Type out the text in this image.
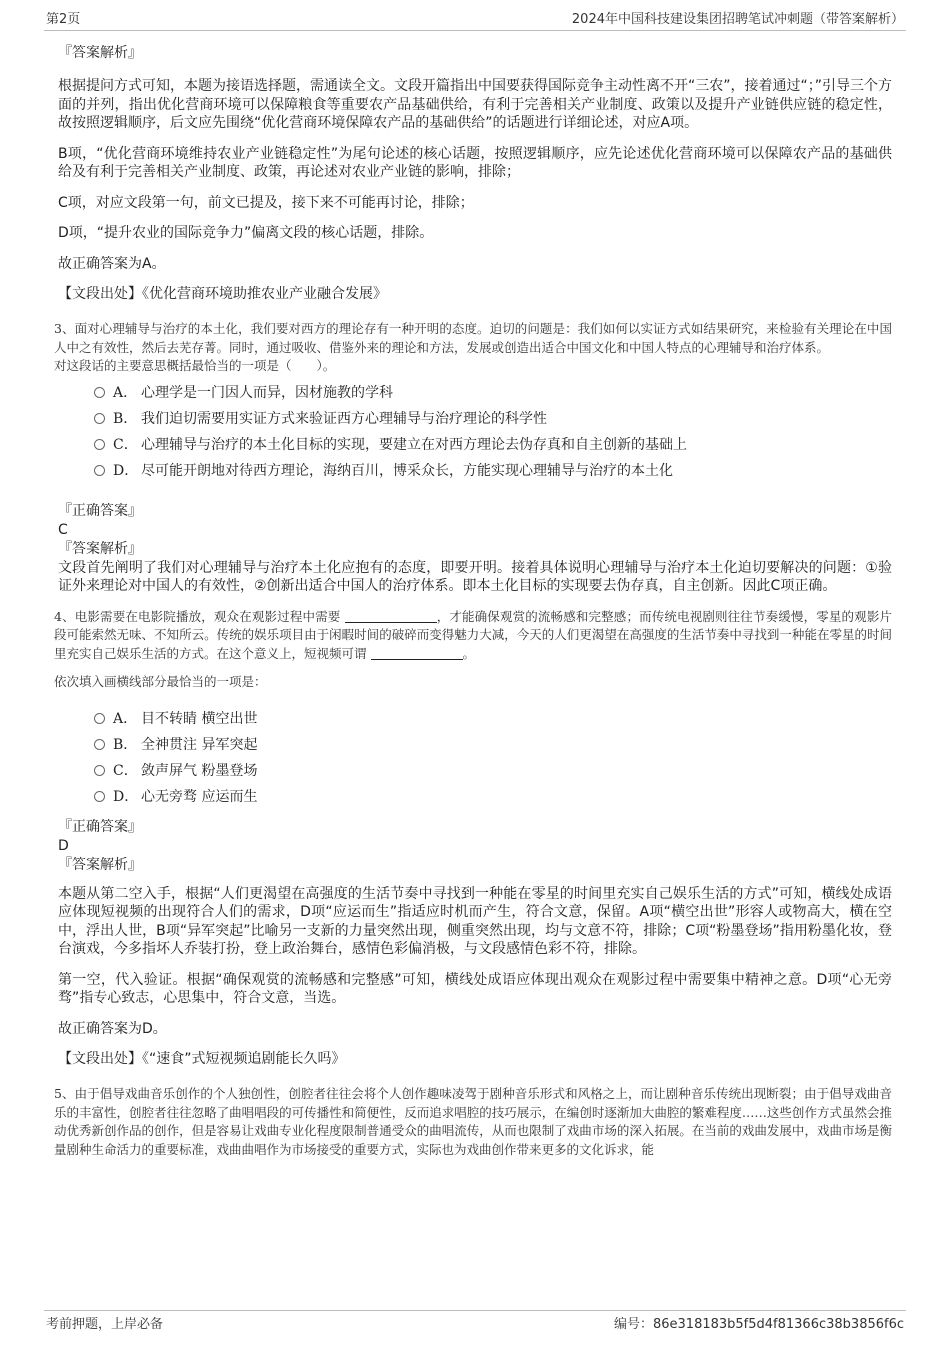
第2页	2024年中国科技建设集团招聘笔试冲刺题（带答案解析）

『答案解析』

根据提问方式可知，本题为接语选择题，需通读全文。文段开篇指出中国要获得国际竞争主动性离不开“三农”，接着通过“；”引导三个方面的并列，指出优化营商环境可以保障粮食等重要农产品基础供给，有利于完善相关产业制度、政策以及提升产业链供应链的稳定性，故按照逻辑顺序，后文应先围绕“优化营商环境保障农产品的基础供给”的话题进行详细论述，对应A项。

B项，“优化营商环境维持农业产业链稳定性”为尾句论述的核心话题，按照逻辑顺序，应先论述优化营商环境可以保障农产品的基础供给及有利于完善相关产业制度、政策，再论述对农业产业链的影响，排除；

C项，对应文段第一句，前文已提及，接下来不可能再讨论，排除；

D项，“提升农业的国际竞争力”偏离文段的核心话题，排除。

故正确答案为A。

【文段出处】《优化营商环境助推农业产业融合发展》

3、面对心理辅导与治疗的本土化，我们要对西方的理论存有一种开明的态度。迫切的问题是：我们如何以实证方式如结果研究，来检验有关理论在中国人中之有效性，然后去芜存菁。同时，通过吸收、借鉴外来的理论和方法，发展或创造出适合中国文化和中国人特点的心理辅导和治疗体系。

对这段话的主要意思概括最恰当的一项是（　　）。

A． 心理学是一门因人而异，因材施教的学科
B． 我们迫切需要用实证方式来验证西方心理辅导与治疗理论的科学性
C． 心理辅导与治疗的本土化目标的实现，要建立在对西方理论去伪存真和自主创新的基础上
D． 尽可能开朗地对待西方理论，海纳百川，博采众长，方能实现心理辅导与治疗的本土化

『正确答案』

C

『答案解析』

文段首先阐明了我们对心理辅导与治疗本土化应抱有的态度，即要开明。接着具体说明心理辅导与治疗本土化迫切要解决的问题：①验证外来理论对中国人的有效性，②创新出适合中国人的治疗体系。即本土化目标的实现要去伪存真，自主创新。因此C项正确。

4、电影需要在电影院播放，观众在观影过程中需要	，才能确保观赏的流畅感和完整感；而传统电视剧则往往节奏缓慢，零星的观影片段可能索然无味、不知所云。传统的娱乐项目由于闲暇时间的破碎而变得魅力大减，今天的人们更渴望在高强度的生活节奏中寻找到一种能在零星的时间里充实自己娱乐生活的方式。在这个意义上，短视频可谓	。

依次填入画横线部分最恰当的一项是：

A． 目不转睛 横空出世
B． 全神贯注 异军突起
C． 敛声屏气 粉墨登场
D． 心无旁骛 应运而生

『正确答案』

D

『答案解析』

本题从第二空入手，根据“人们更渴望在高强度的生活节奏中寻找到一种能在零星的时间里充实自己娱乐生活的方式”可知，横线处成语应体现短视频的出现符合人们的需求，D项“应运而生”指适应时机而产生，符合文意，保留。A项“横空出世”形容人或物高大，横在空中，浮出人世，B项“异军突起”比喻另一支新的力量突然出现，侧重突然出现，均与文意不符，排除；C项“粉墨登场”指用粉墨化妆，登台演戏，今多指坏人乔装打扮，登上政治舞台，感情色彩偏消极，与文段感情色彩不符，排除。

第一空，代入验证。根据“确保观赏的流畅感和完整感”可知，横线处成语应体现出观众在观影过程中需要集中精神之意。D项“心无旁骛”指专心致志，心思集中，符合文意，当选。

故正确答案为D。

【文段出处】《“速食”式短视频追剧能长久吗》

5、由于倡导戏曲音乐创作的个人独创性，创腔者往往会将个人创作趣味凌驾于剧种音乐形式和风格之上，而让剧种音乐传统出现断裂；由于倡导戏曲音乐的丰富性，创腔者往往忽略了曲唱唱段的可传播性和简便性，反而追求唱腔的技巧展示，在编创时逐渐加大曲腔的繁难程度……这些创作方式虽然会推动优秀新创作品的创作，但是容易让戏曲专业化程度限制普通受众的曲唱流传，从而也限制了戏曲市场的深入拓展。在当前的戏曲发展中，戏曲市场是衡量剧种生命活力的重要标准，戏曲曲唱作为市场接受的重要方式，实际也为戏曲创作带来更多的文化诉求，能

考前押题，上岸必备	编号：86e318183b5f5d4f81366c38b3856f6c
